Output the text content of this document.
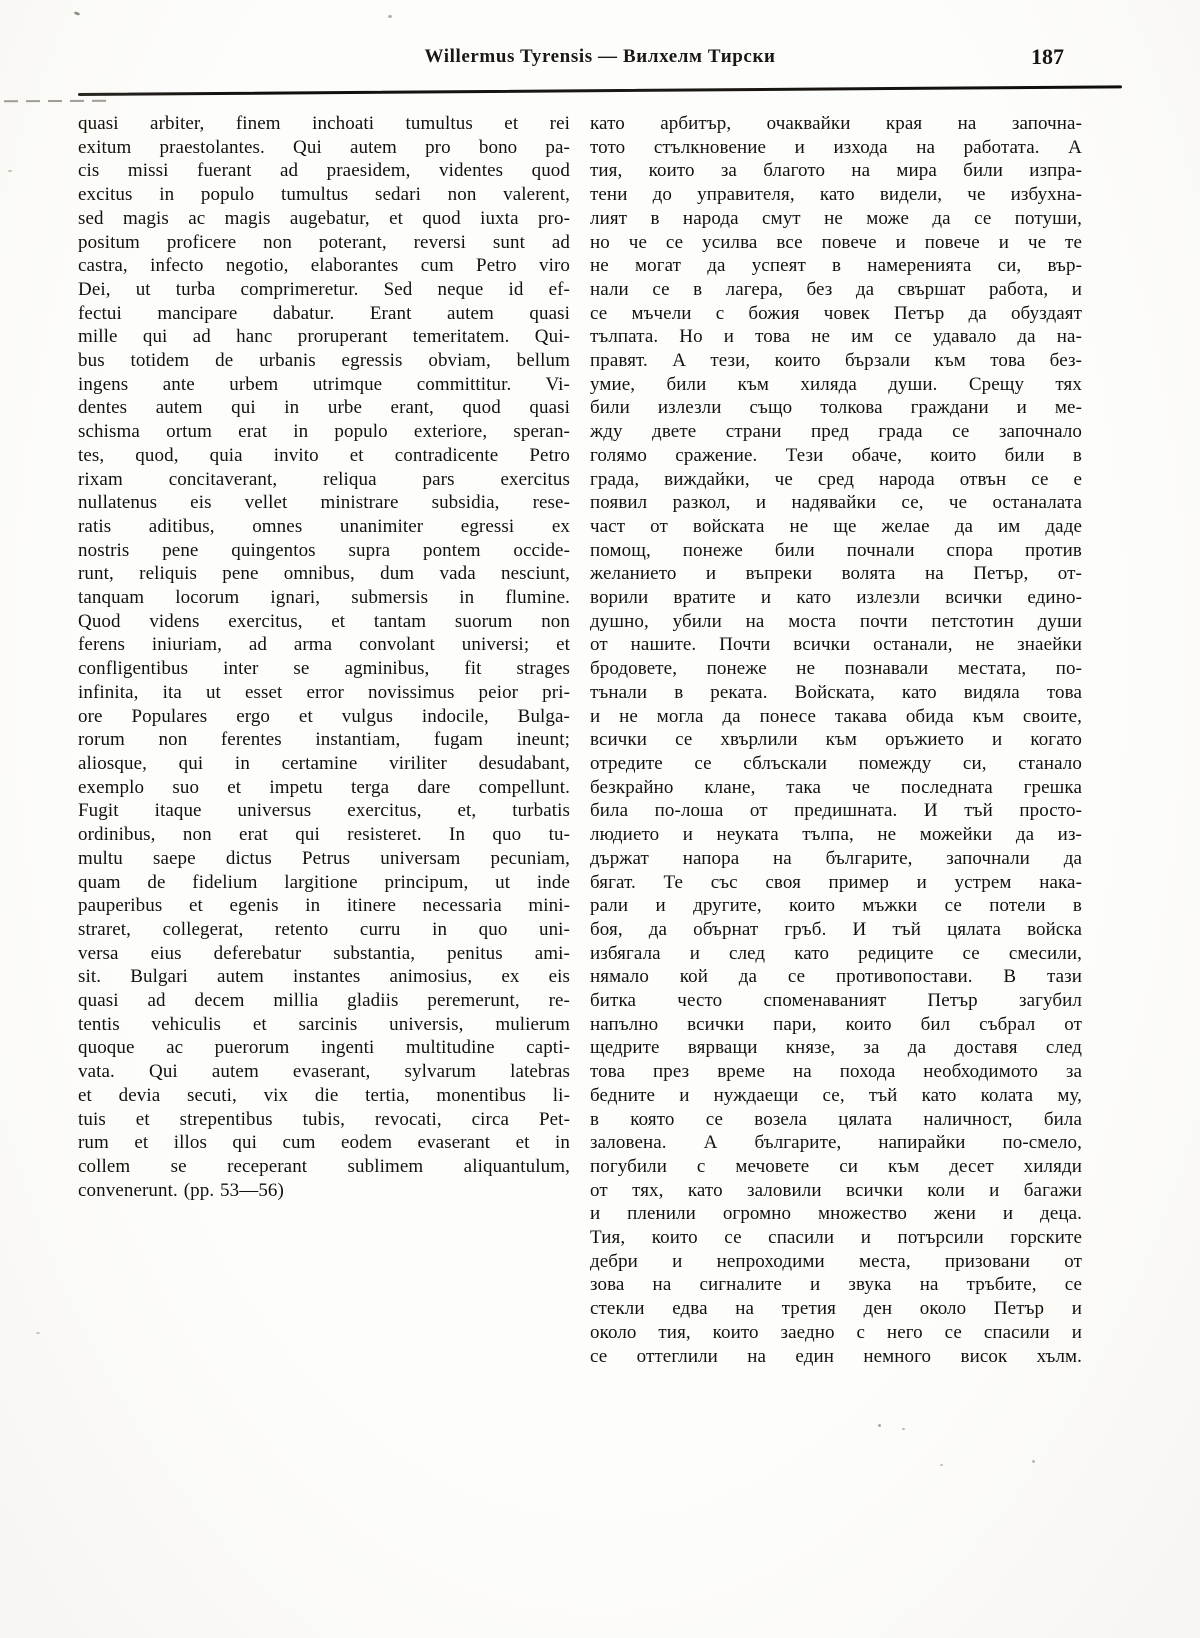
Willermus Tyrensis — Вилхелм Тирски	187
quasi arbiter, finem inchoati tumultus et rei
exitum praestolantes. Qui autem pro bono pa-
cis missi fuerant ad praesidem, videntes quod
excitus in populo tumultus sedari non valerent,
sed magis ac magis augebatur, et quod iuxta pro-
positum proficere non poterant, reversi sunt ad
castra, infecto negotio, elaborantes cum Petro viro
Dei, ut turba comprimeretur. Sed neque id ef-
fectui mancipare dabatur. Erant autem quasi
mille qui ad hanc proruperant temeritatem. Qui-
bus totidem de urbanis egressis obviam, bellum
ingens ante urbem utrimque committitur. Vi-
dentes autem qui in urbe erant, quod quasi
schisma ortum erat in populo exteriore, speran-
tes, quod, quia invito et contradicente Petro
rixam concitaverant, reliqua pars exercitus
nullatenus eis vellet ministrare subsidia, rese-
ratis aditibus, omnes unanimiter egressi ex
nostris pene quingentos supra pontem occide-
runt, reliquis pene omnibus, dum vada nesciunt,
tanquam locorum ignari, submersis in flumine.
Quod videns exercitus, et tantam suorum non
ferens iniuriam, ad arma convolant universi; et
confligentibus inter se agminibus, fit strages
infinita, ita ut esset error novissimus peior pri-
ore Populares ergo et vulgus indocile, Bulga-
rorum non ferentes instantiam, fugam ineunt;
aliosque, qui in certamine viriliter desudabant,
exemplo suo et impetu terga dare compellunt.
Fugit itaque universus exercitus, et, turbatis
ordinibus, non erat qui resisteret. In quo tu-
multu saepe dictus Petrus universam pecuniam,
quam de fidelium largitione principum, ut inde
pauperibus et egenis in itinere necessaria mini-
straret, collegerat, retento curru in quo uni-
versa eius deferebatur substantia, penitus ami-
sit. Bulgari autem instantes animosius, ex eis
quasi ad decem millia gladiis peremerunt, re-
tentis vehiculis et sarcinis universis, mulierum
quoque ac puerorum ingenti multitudine capti-
vata. Qui autem evaserant, sylvarum latebras
et devia secuti, vix die tertia, monentibus li-
tuis et strepentibus tubis, revocati, circa Pet-
rum et illos qui cum eodem evaserant et in
collem se receperant sublimem aliquantulum,
convenerunt. (pp. 53—56)
като арбитър, очаквайки края на започна-
тото стълкновение и изхода на работата. А
тия, които за благото на мира били изпра-
тени до управителя, като видели, че избухна-
лият в народа смут не може да се потуши,
но че се усилва все повече и повече и че те
не могат да успеят в намеренията си, вър-
нали се в лагера, без да свършат работа, и
се мъчели с божия човек Петър да обуздаят
тълпата. Но и това не им се удавало да на-
правят. А тези, които бързали към това без-
умие, били към хиляда души. Срещу тях
били излезли също толкова граждани и ме-
жду двете страни пред града се започнало
голямо сражение. Тези обаче, които били в
града, виждайки, че сред народа отвън се е
появил разкол, и надявайки се, че останалата
част от войската не ще желае да им даде
помощ, понеже били почнали спора против
желанието и въпреки волята на Петър, от-
ворили вратите и като излезли всички едино-
душно, убили на моста почти петстотин души
от нашите. Почти всички останали, не знаейки
бродовете, понеже не познавали местата, по-
тънали в реката. Войската, като видяла това
и не могла да понесе такава обида към своите,
всички се хвърлили към оръжието и когато
отредите се сблъскали помежду си, станало
безкрайно клане, така че последната грешка
била по-лоша от предишната. И тъй просто-
людието и неуката тълпа, не можейки да из-
държат напора на българите, започнали да
бягат. Те със своя пример и устрем нака-
рали и другите, които мъжки се потели в
боя, да обърнат гръб. И тъй цялата войска
избягала и след като редиците се смесили,
нямало кой да се противопостави. В тази
битка често споменаваният Петър загубил
напълно всички пари, които бил събрал от
щедрите вярващи князе, за да доставя след
това през време на похода необходимото за
бедните и нуждаещи се, тъй като колата му,
в която се возела цялата наличност, била
заловена. А българите, напирайки по-смело,
погубили с мечовете си към десет хиляди
от тях, като заловили всички коли и багажи
и пленили огромно множество жени и деца.
Тия, които се спасили и потърсили горските
дебри и непроходими места, призовани от
зова на сигналите и звука на тръбите, се
стекли едва на третия ден около Петър и
около тия, които заедно с него се спасили и
се оттеглили на един немного висок хълм.
